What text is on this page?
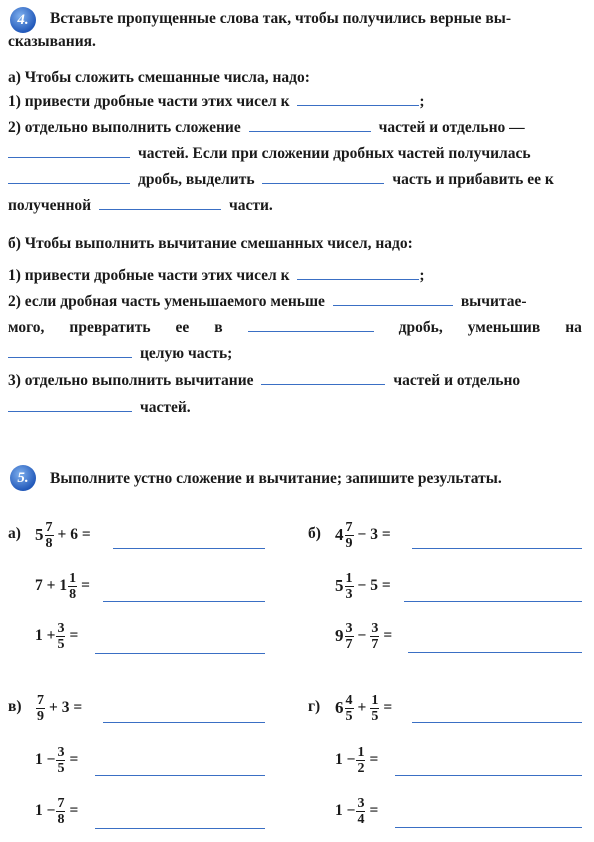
4.	Вставьте пропущенные слова так, чтобы получились верные вы-
сказывания.
а) Чтобы сложить смешанные числа, надо:
1) привести дробные части этих чисел к	;
2) отдельно выполнить сложение	частей и отдельно —
частей. Если при сложении дробных частей получилась
дробь, выделить	часть и прибавить ее к
полученной	части.
б) Чтобы выполнить вычитание смешанных чисел, надо:
1) привести дробные части этих чисел к	;
2) если дробная часть уменьшаемого меньше	вычитае-
мого, превратить ее в	дробь, уменьшив на
целую часть;
3) отдельно выполнить вычитание	частей и отдельно
частей.
5.	Выполните устно сложение и вычитание; запишите результаты.
а) $5 \frac{7}{8} + 6$ =
$7 + 1 \frac{1}{8}$ =
$1 + \frac{3}{5}$ =
б) $4 \frac{7}{9} - 3$ =
$5 \frac{1}{3} - 5$ =
$9 \frac{3}{7} - \frac{3}{7}$ =
$в) \frac{7}{9} + 3$ =
$1 - \frac{3}{5}$ =
$1 - \frac{7}{8}$ =
г) $6 \frac{4}{5} + \frac{1}{5}$ =
$1 - \frac{1}{2}$ =
$1 - \frac{3}{4}$ =
